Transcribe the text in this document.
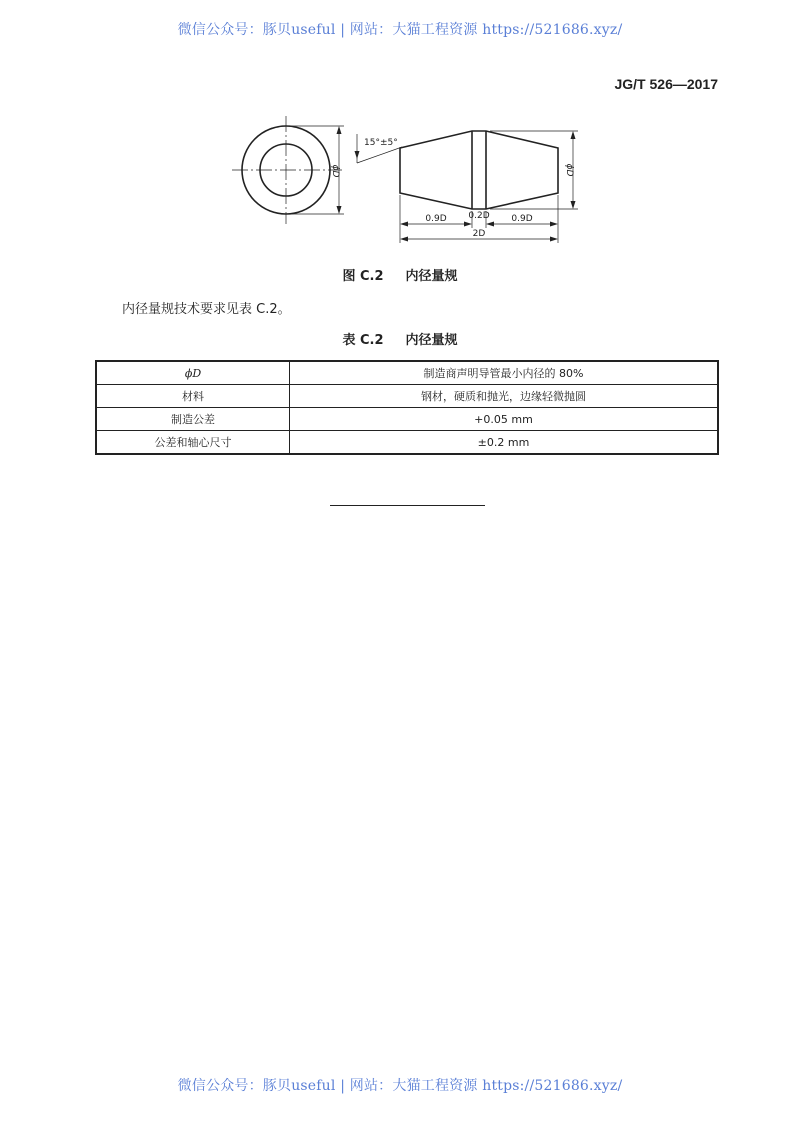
微信公众号：豚贝useful | 网站：大猫工程资源 https://521686.xyz/
JG/T 526—2017
ϕD
15°±5°
ϕD
0.9D 0.2D 0.9D
2D
图 C.2 内径量规
内径量规技术要求见表 C.2。
表 C.2 内径量规
ϕD	制造商声明导管最小内径的 80%
材料	钢材，硬质和抛光，边缘轻微抛圆
制造公差	+0.05 mm
公差和轴心尺寸	±0.2 mm
微信公众号：豚贝useful | 网站：大猫工程资源 https://521686.xyz/
